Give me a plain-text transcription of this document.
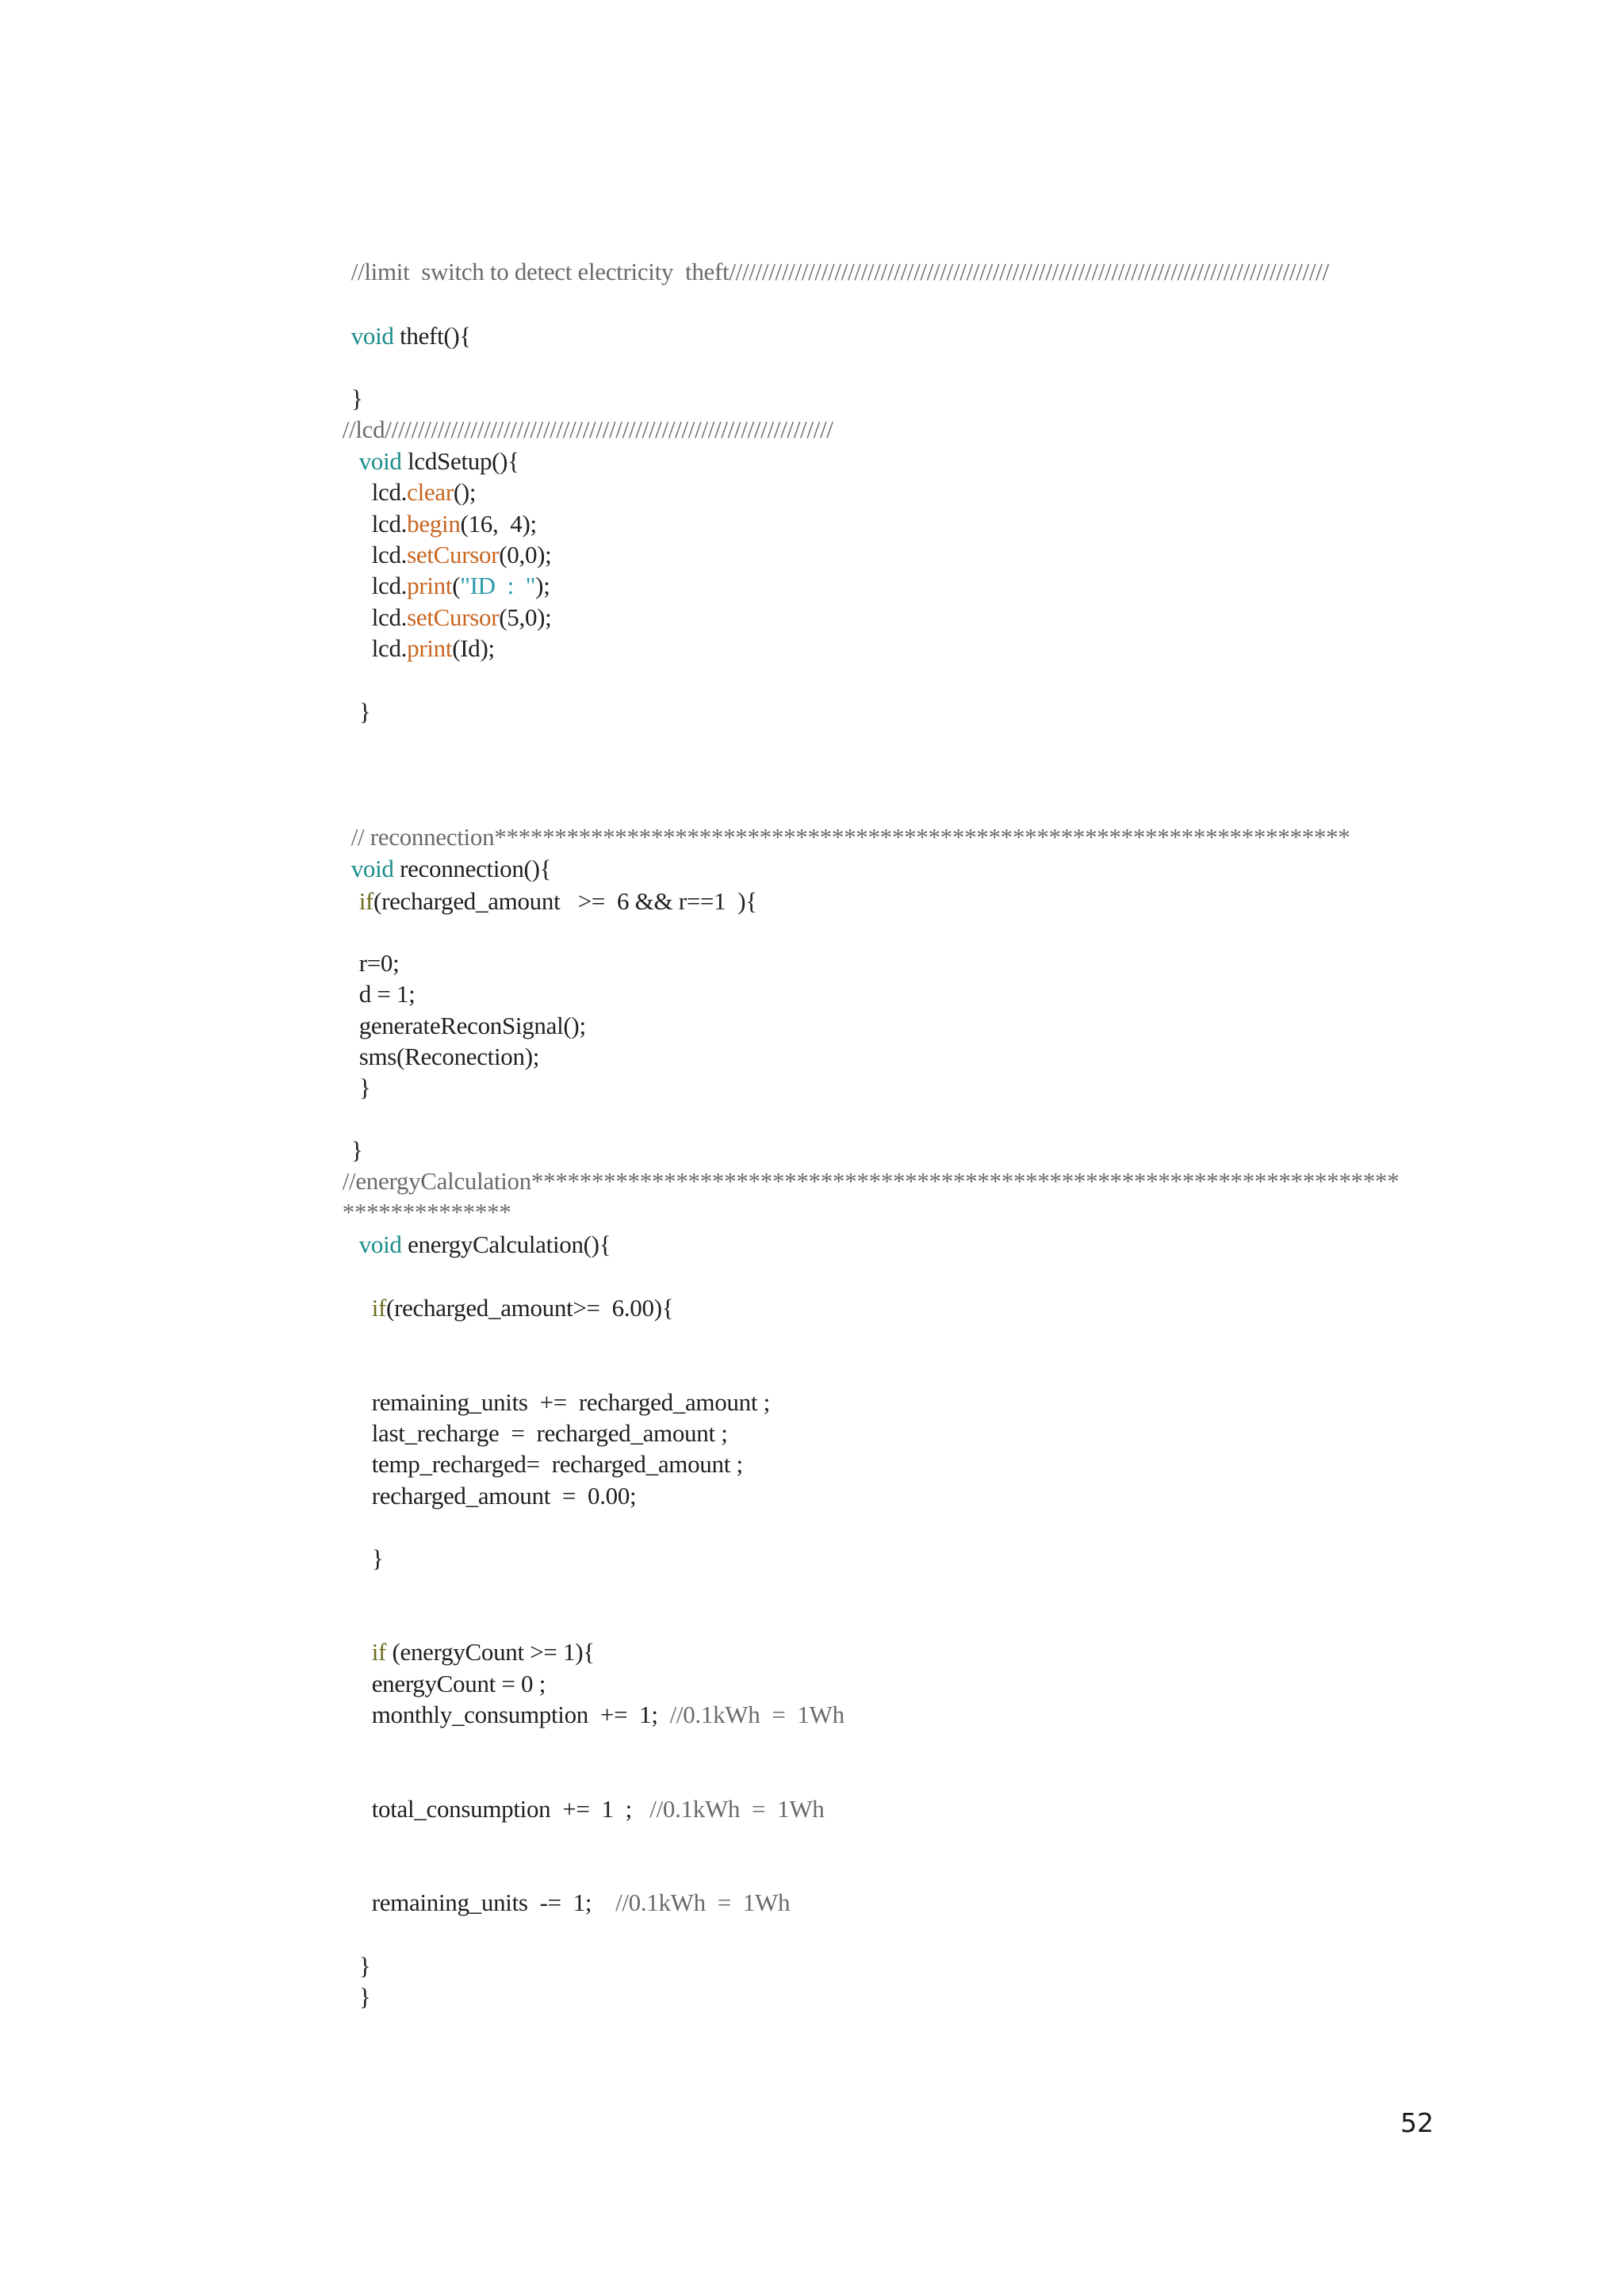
//limit  switch to detect electricity  theft///////////////////////////////////////////////////////////////////////////////////////////

void theft(){

}

//lcd////////////////////////////////////////////////////////////////////

void lcdSetup(){

lcd.clear();

lcd.begin(16,  4);

lcd.setCursor(0,0);

lcd.print("ID  :  ");

lcd.setCursor(5,0);

lcd.print(Id);

}

// reconnection***********************************************************************

void reconnection(){

if(recharged_amount   >=  6 && r==1  ){

r=0;

d = 1;

generateReconSignal();

sms(Reconection);

}

}

//energyCalculation************************************************************************

**************

void energyCalculation(){

if(recharged_amount>=  6.00){

remaining_units  +=  recharged_amount ;

last_recharge  =  recharged_amount ;

temp_recharged=  recharged_amount ;

recharged_amount  =  0.00;

}

if (energyCount >= 1){

energyCount = 0 ;

monthly_consumption  +=  1;  //0.1kWh  =  1Wh

total_consumption  +=  1  ;   //0.1kWh  =  1Wh

remaining_units  -=  1;    //0.1kWh  =  1Wh

}

}

52
